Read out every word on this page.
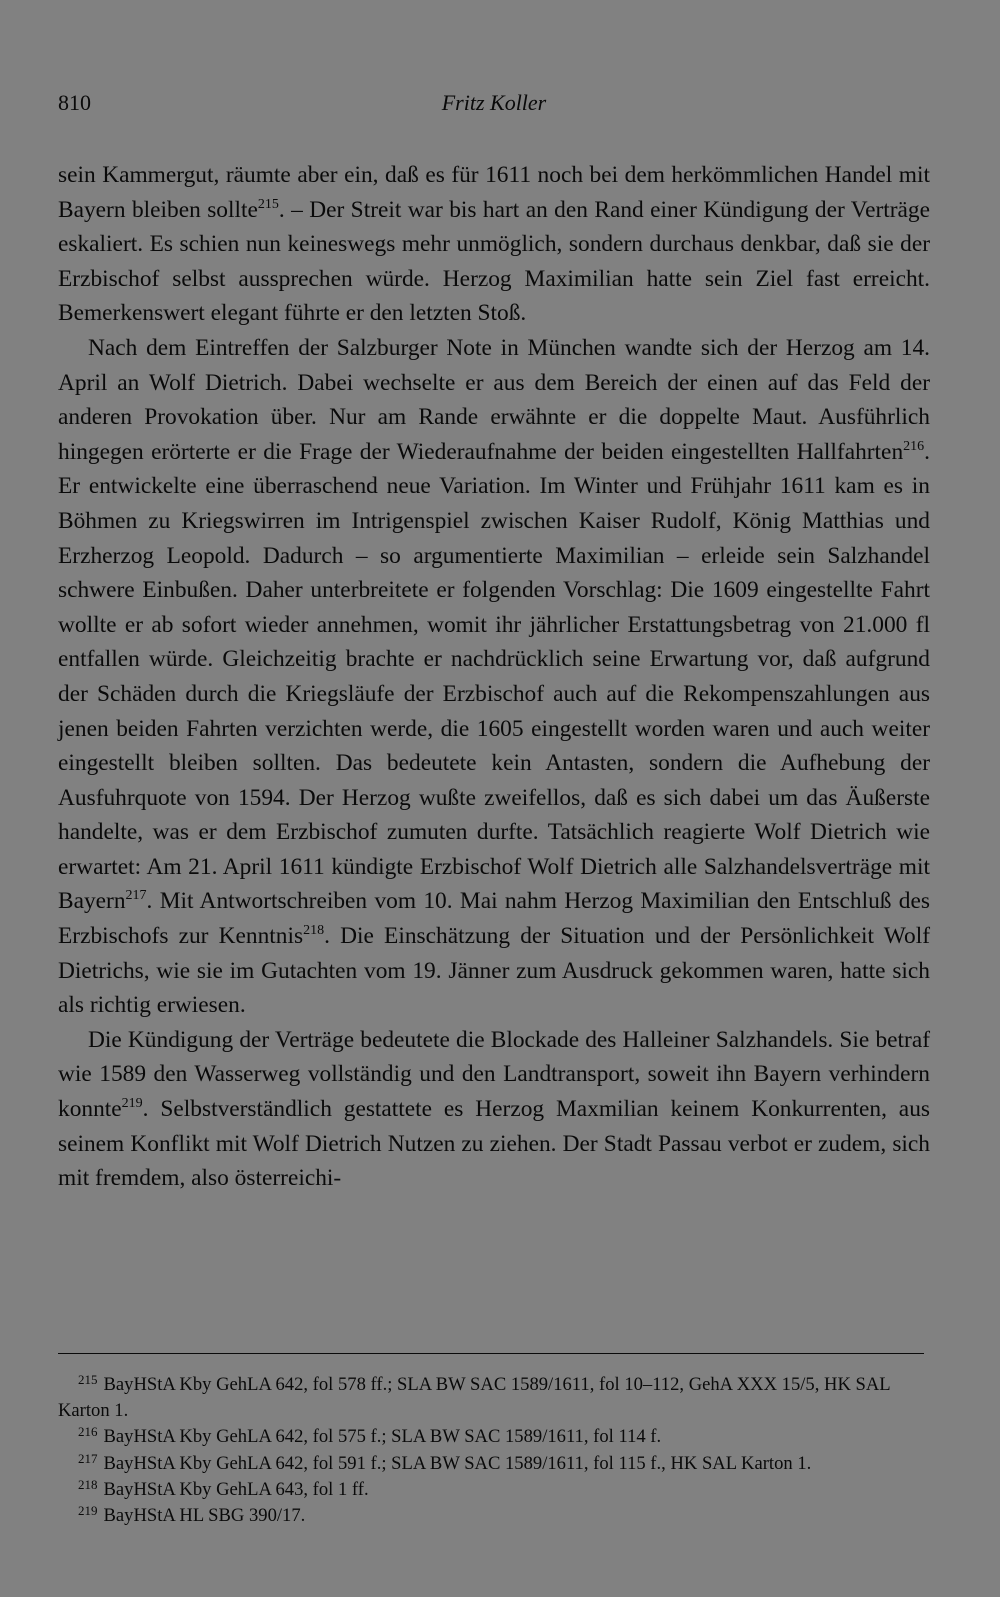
810	Fritz Koller

sein Kammergut, räumte aber ein, daß es für 1611 noch bei dem herkömmlichen Handel mit Bayern bleiben sollte$^{215}$. – Der Streit war bis hart an den Rand einer Kündigung der Verträge eskaliert. Es schien nun keineswegs mehr unmöglich, sondern durchaus denkbar, daß sie der Erzbischof selbst aussprechen würde. Herzog Maximilian hatte sein Ziel fast erreicht. Bemerkenswert elegant führte er den letzten Stoß.

Nach dem Eintreffen der Salzburger Note in München wandte sich der Herzog am 14. April an Wolf Dietrich. Dabei wechselte er aus dem Bereich der einen auf das Feld der anderen Provokation über. Nur am Rande erwähnte er die doppelte Maut. Ausführlich hingegen erörterte er die Frage der Wiederaufnahme der beiden eingestellten Hallfahrten$^{216}$. Er entwickelte eine überraschend neue Variation. Im Winter und Frühjahr 1611 kam es in Böhmen zu Kriegswirren im Intrigenspiel zwischen Kaiser Rudolf, König Matthias und Erzherzog Leopold. Dadurch – so argumentierte Maximilian – erleide sein Salzhandel schwere Einbußen. Daher unterbreitete er folgenden Vorschlag: Die 1609 eingestellte Fahrt wollte er ab sofort wieder annehmen, womit ihr jährlicher Erstattungsbetrag von 21.000 fl entfallen würde. Gleichzeitig brachte er nachdrücklich seine Erwartung vor, daß aufgrund der Schäden durch die Kriegsläufe der Erzbischof auch auf die Rekompenszahlungen aus jenen beiden Fahrten verzichten werde, die 1605 eingestellt worden waren und auch weiter eingestellt bleiben sollten. Das bedeutete kein Antasten, sondern die Aufhebung der Ausfuhrquote von 1594. Der Herzog wußte zweifellos, daß es sich dabei um das Äußerste handelte, was er dem Erzbischof zumuten durfte. Tatsächlich reagierte Wolf Dietrich wie erwartet: Am 21. April 1611 kündigte Erzbischof Wolf Dietrich alle Salzhandelsverträge mit Bayern$^{217}$. Mit Antwortschreiben vom 10. Mai nahm Herzog Maximilian den Entschluß des Erzbischofs zur Kenntnis$^{218}$. Die Einschätzung der Situation und der Persönlichkeit Wolf Dietrichs, wie sie im Gutachten vom 19. Jänner zum Ausdruck gekommen waren, hatte sich als richtig erwiesen.

Die Kündigung der Verträge bedeutete die Blockade des Halleiner Salzhandels. Sie betraf wie 1589 den Wasserweg vollständig und den Landtransport, soweit ihn Bayern verhindern konnte$^{219}$. Selbstverständlich gestattete es Herzog Maxmilian keinem Konkurrenten, aus seinem Konflikt mit Wolf Dietrich Nutzen zu ziehen. Der Stadt Passau verbot er zudem, sich mit fremdem, also österreichi-

$^{215}$ BayHStA Kby GehLA 642, fol 578 ff.; SLA BW SAC 1589/1611, fol 10–112, GehA XXX 15/5, HK SAL Karton 1.

$^{216}$ BayHStA Kby GehLA 642, fol 575 f.; SLA BW SAC 1589/1611, fol 114 f.

$^{217}$ BayHStA Kby GehLA 642, fol 591 f.; SLA BW SAC 1589/1611, fol 115 f., HK SAL Karton 1.

$^{218}$ BayHStA Kby GehLA 643, fol 1 ff.

$^{219}$ BayHStA HL SBG 390/17.
